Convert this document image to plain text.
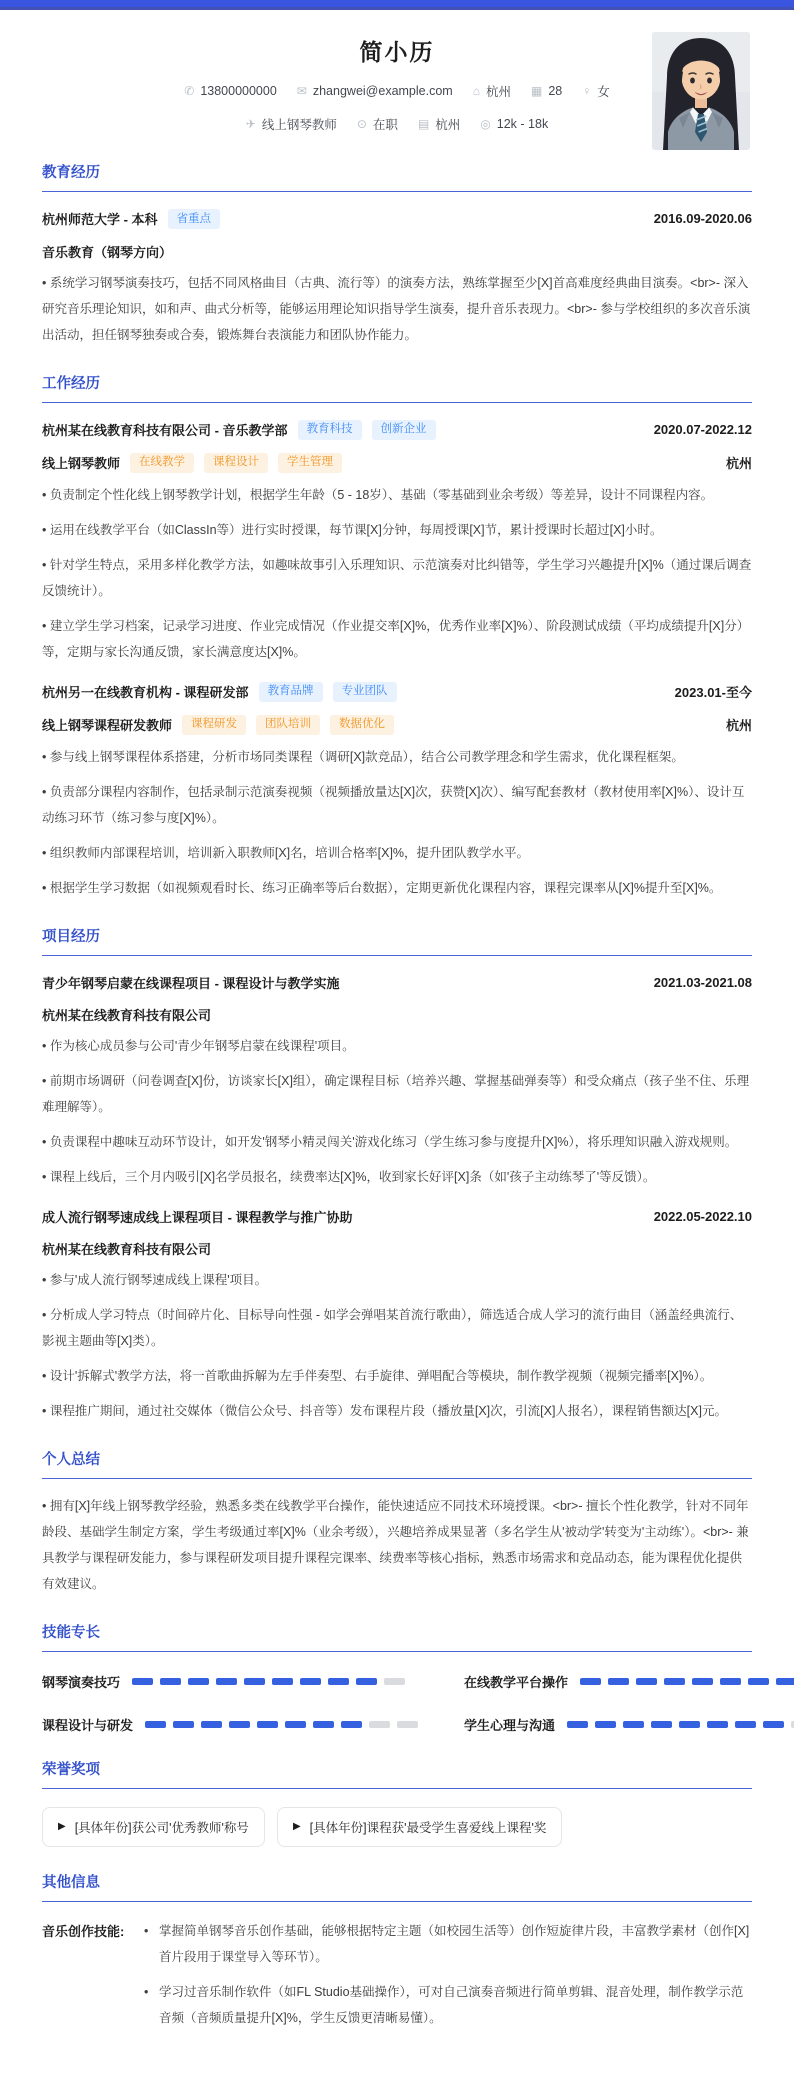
简小历
✆ 13800000000 ✉ zhangwei@example.com ⌂ 杭州 ▦ 28 ♀ 女
✈ 线上钢琴教师 ⊙ 在职 ▤ 杭州 ◎ 12k - 18k
教育经历
杭州师范大学 - 本科	省重点	2016.09-2020.06
音乐教育（钢琴方向）

• 系统学习钢琴演奏技巧，包括不同风格曲目（古典、流行等）的演奏方法，熟练掌握至少[X]首高难度经典曲目演奏。<br>- 深入研究音乐理论知识，如和声、曲式分析等，能够运用理论知识指导学生演奏，提升音乐表现力。<br>- 参与学校组织的多次音乐演出活动，担任钢琴独奏或合奏，锻炼舞台表演能力和团队协作能力。

工作经历
杭州某在线教育科技有限公司 - 音乐教学部	教育科技	创新企业	2020.07-2022.12
线上钢琴教师	在线教学	课程设计	学生管理	杭州

• 负责制定个性化线上钢琴教学计划，根据学生年龄（5 - 18岁）、基础（零基础到业余考级）等差异，设计不同课程内容。

• 运用在线教学平台（如ClassIn等）进行实时授课，每节课[X]分钟，每周授课[X]节，累计授课时长超过[X]小时。

• 针对学生特点，采用多样化教学方法，如趣味故事引入乐理知识、示范演奏对比纠错等，学生学习兴趣提升[X]%（通过课后调查反馈统计）。

• 建立学生学习档案，记录学习进度、作业完成情况（作业提交率[X]%，优秀作业率[X]%）、阶段测试成绩（平均成绩提升[X]分）等，定期与家长沟通反馈，家长满意度达[X]%。

杭州另一在线教育机构 - 课程研发部	教育品牌	专业团队	2023.01-至今
线上钢琴课程研发教师	课程研发	团队培训	数据优化	杭州

• 参与线上钢琴课程体系搭建，分析市场同类课程（调研[X]款竞品），结合公司教学理念和学生需求，优化课程框架。

• 负责部分课程内容制作，包括录制示范演奏视频（视频播放量达[X]次，获赞[X]次）、编写配套教材（教材使用率[X]%）、设计互动练习环节（练习参与度[X]%）。

• 组织教师内部课程培训，培训新入职教师[X]名，培训合格率[X]%，提升团队教学水平。

• 根据学生学习数据（如视频观看时长、练习正确率等后台数据），定期更新优化课程内容，课程完课率从[X]%提升至[X]%。

项目经历
青少年钢琴启蒙在线课程项目 - 课程设计与教学实施	2021.03-2021.08
杭州某在线教育科技有限公司

• 作为核心成员参与公司'青少年钢琴启蒙在线课程'项目。

• 前期市场调研（问卷调查[X]份，访谈家长[X]组），确定课程目标（培养兴趣、掌握基础弹奏等）和受众痛点（孩子坐不住、乐理难理解等）。

• 负责课程中趣味互动环节设计，如开发'钢琴小精灵闯关'游戏化练习（学生练习参与度提升[X]%），将乐理知识融入游戏规则。

• 课程上线后，三个月内吸引[X]名学员报名，续费率达[X]%，收到家长好评[X]条（如'孩子主动练琴了'等反馈）。

成人流行钢琴速成线上课程项目 - 课程教学与推广协助	2022.05-2022.10
杭州某在线教育科技有限公司

• 参与'成人流行钢琴速成线上课程'项目。

• 分析成人学习特点（时间碎片化、目标导向性强 - 如学会弹唱某首流行歌曲），筛选适合成人学习的流行曲目（涵盖经典流行、影视主题曲等[X]类）。

• 设计'拆解式'教学方法，将一首歌曲拆解为左手伴奏型、右手旋律、弹唱配合等模块，制作教学视频（视频完播率[X]%）。

• 课程推广期间，通过社交媒体（微信公众号、抖音等）发布课程片段（播放量[X]次，引流[X]人报名），课程销售额达[X]元。

个人总结

• 拥有[X]年线上钢琴教学经验，熟悉多类在线教学平台操作，能快速适应不同技术环境授课。<br>- 擅长个性化教学，针对不同年龄段、基础学生制定方案，学生考级通过率[X]%（业余考级），兴趣培养成果显著（多名学生从'被动学'转变为'主动练'）。<br>- 兼具教学与课程研发能力，参与课程研发项目提升课程完课率、续费率等核心指标，熟悉市场需求和竞品动态，能为课程优化提供有效建议。

技能专长
钢琴演奏技巧	在线教学平台操作
课程设计与研发	学生心理与沟通
荣誉奖项
▶ [具体年份]获公司'优秀教师'称号	▶ [具体年份]课程获'最受学生喜爱线上课程'奖
其他信息
音乐创作技能:	• 掌握简单钢琴音乐创作基础，能够根据特定主题（如校园生活等）创作短旋律片段，丰富教学素材（创作[X]首片段用于课堂导入等环节）。

• 学习过音乐制作软件（如FL Studio基础操作），可对自己演奏音频进行简单剪辑、混音处理，制作教学示范音频（音频质量提升[X]%，学生反馈更清晰易懂）。
